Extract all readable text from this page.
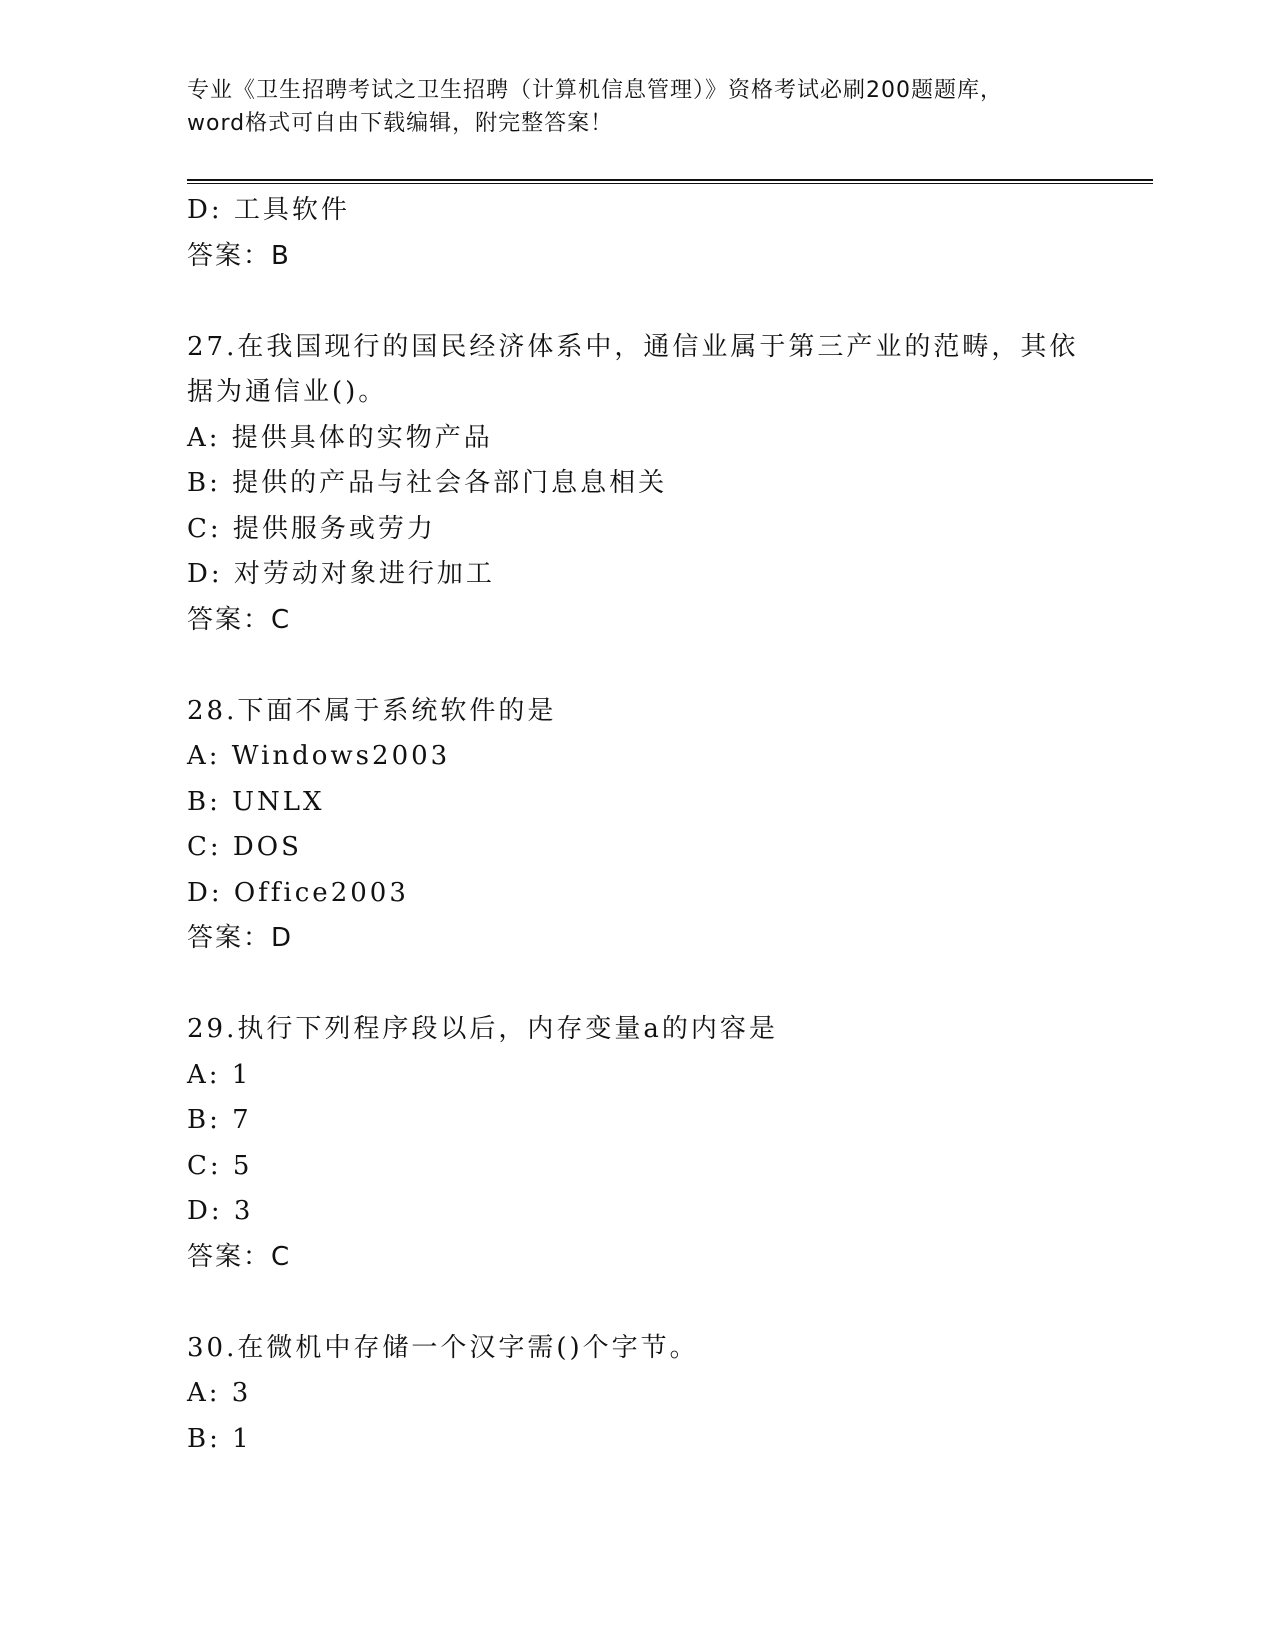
专业《卫生招聘考试之卫生招聘（计算机信息管理）》资格考试必刷200题题库，
word格式可自由下载编辑，附完整答案！
D: 工具软件
答案：B
27.在我国现行的国民经济体系中，通信业属于第三产业的范畴，其依
据为通信业()。
A: 提供具体的实物产品
B: 提供的产品与社会各部门息息相关
C: 提供服务或劳力
D: 对劳动对象进行加工
答案：C
28.下面不属于系统软件的是
A: Windows2003
B: UNLX
C: DOS
D: Office2003
答案：D
29.执行下列程序段以后，内存变量a的内容是
A: 1
B: 7
C: 5
D: 3
答案：C
30.在微机中存储一个汉字需()个字节。
A: 3
B: 1
